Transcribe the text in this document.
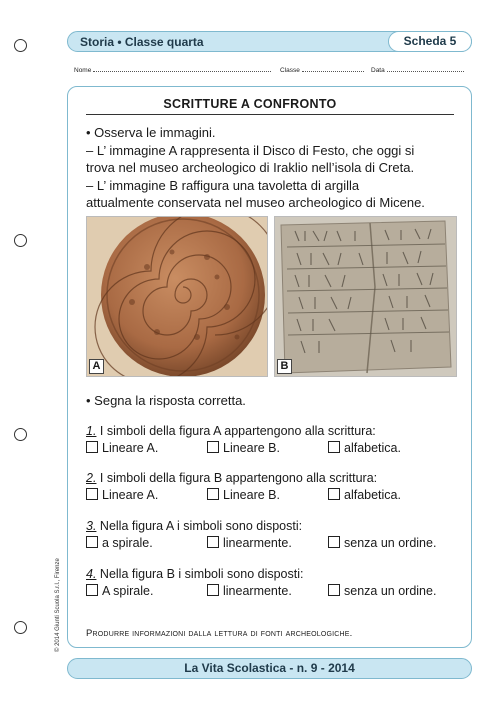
Storia • Classe quarta	Scheda 5
Nome	Classe	Data
SCRITTURE A CONFRONTO

• Osserva le immagini.

– L’ immagine A rappresenta il Disco di Festo, che oggi si

trova nel museo archeologico di Iraklio nell’isola di Creta.

– L’ immagine B raffigura una tavoletta di argilla

attualmente conservata nel museo archeologico di Micene.

A	B
• Segna la risposta corretta.
1. I simboli della figura A appartengono alla scrittura:
Lineare A.	Lineare B.	alfabetica.
2. I simboli della figura B appartengono alla scrittura:
Lineare A.	Lineare B.	alfabetica.
3. Nella figura A i simboli sono disposti:
a spirale.	linearmente.	senza un ordine.
4. Nella figura B i simboli sono disposti:
A spirale.	linearmente.	senza un ordine.
Produrre informazioni dalla lettura di fonti archeologiche.
La Vita Scolastica - n. 9 - 2014
© 2014 Giunti Scuola S.r.l., Firenze
